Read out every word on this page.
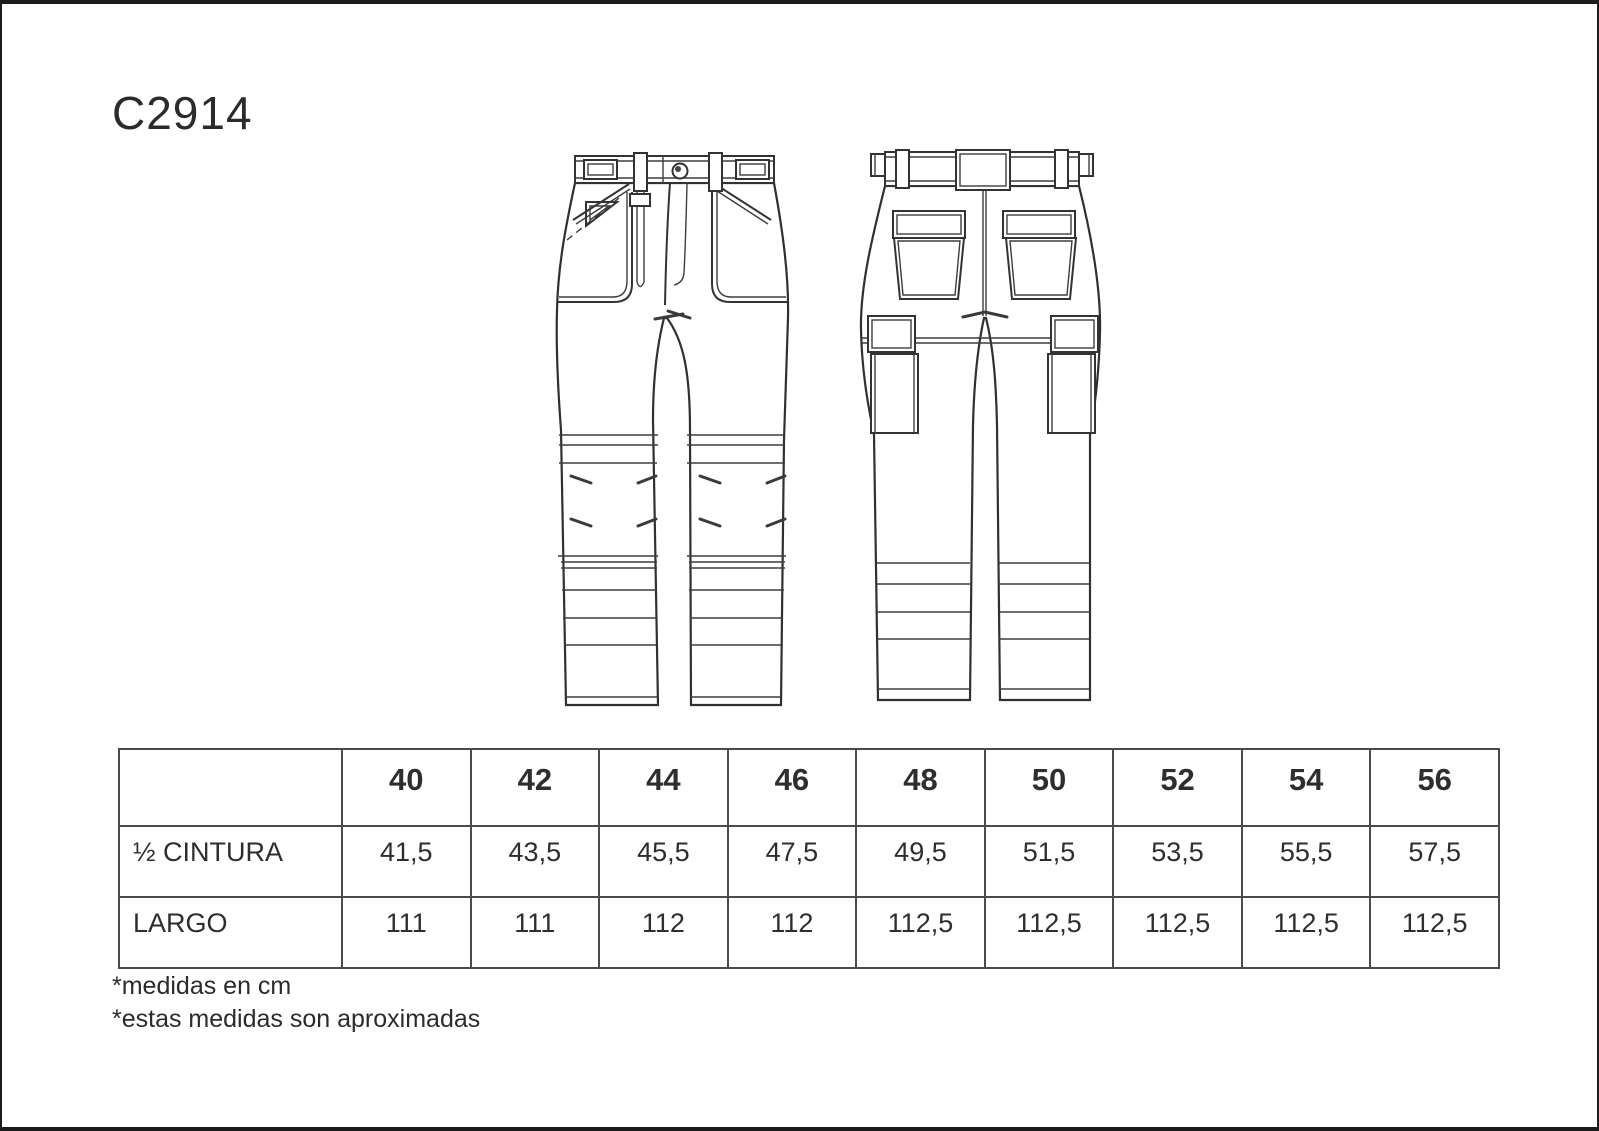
C2914
	40	42	44	46	48	50	52	54	56
½ CINTURA	41,5	43,5	45,5	47,5	49,5	51,5	53,5	55,5	57,5
LARGO	111	111	112	112	112,5	112,5	112,5	112,5	112,5
*medidas en cm
*estas medidas son aproximadas
